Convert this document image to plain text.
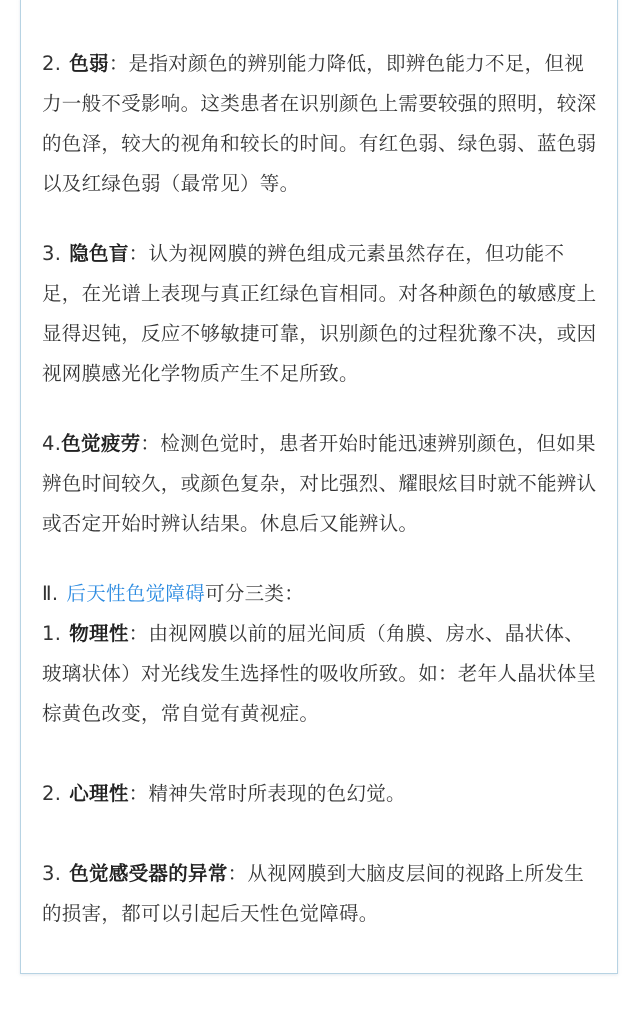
2. 色弱：是指对颜色的辨别能力降低，即辨色能力不足，但视力一般不受影响。这类患者在识别颜色上需要较强的照明，较深的色泽，较大的视角和较长的时间。有红色弱、绿色弱、蓝色弱以及红绿色弱（最常见）等。

3. 隐色盲：认为视网膜的辨色组成元素虽然存在，但功能不足，在光谱上表现与真正红绿色盲相同。对各种颜色的敏感度上显得迟钝，反应不够敏捷可靠，识别颜色的过程犹豫不决，或因视网膜感光化学物质产生不足所致。

4.色觉疲劳：检测色觉时，患者开始时能迅速辨别颜色，但如果辨色时间较久，或颜色复杂，对比强烈、耀眼炫目时就不能辨认或否定开始时辨认结果。休息后又能辨认。

Ⅱ. 后天性色觉障碍可分三类：

1. 物理性：由视网膜以前的屈光间质（角膜、房水、晶状体、玻璃状体）对光线发生选择性的吸收所致。如：老年人晶状体呈棕黄色改变，常自觉有黄视症。

2. 心理性：精神失常时所表现的色幻觉。

3. 色觉感受器的异常：从视网膜到大脑皮层间的视路上所发生的损害，都可以引起后天性色觉障碍。
